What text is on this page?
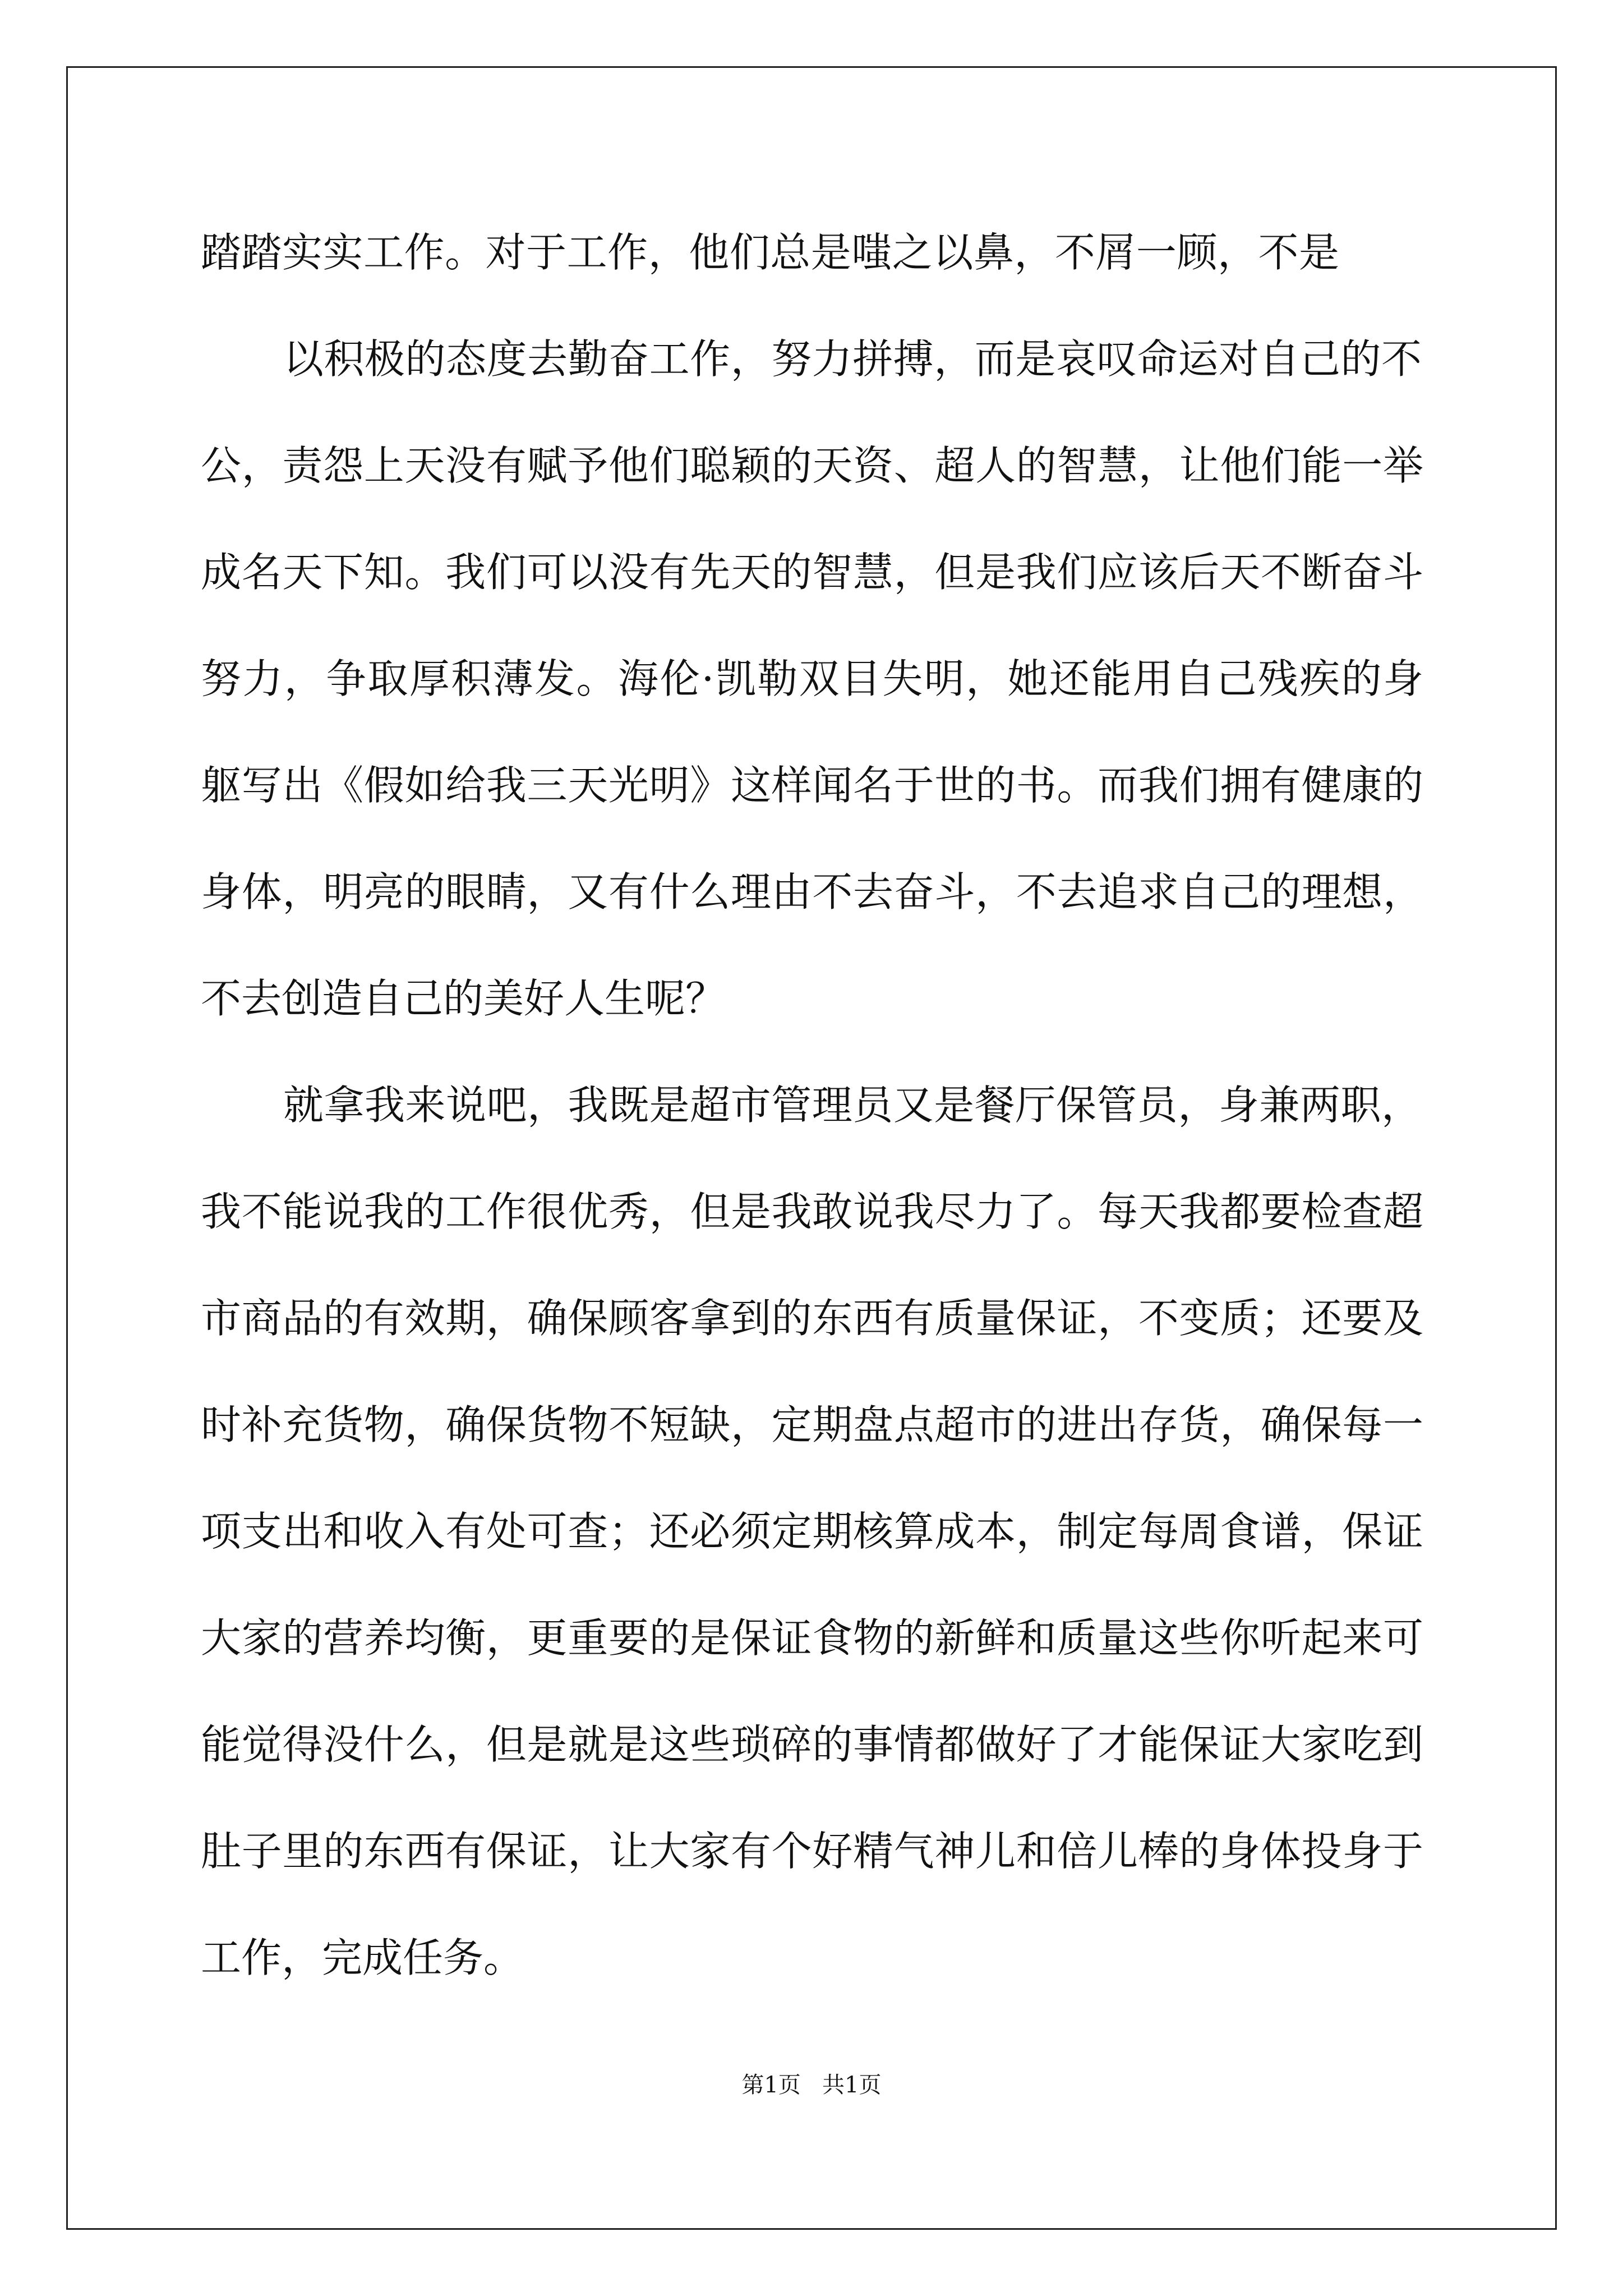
踏踏实实工作。对于工作，他们总是嗤之以鼻，不屑一顾，不是
以积极的态度去勤奋工作，努力拼搏，而是哀叹命运对自己的不
公，责怨上天没有赋予他们聪颖的天资、超人的智慧，让他们能一举
成名天下知。我们可以没有先天的智慧，但是我们应该后天不断奋斗
努力，争取厚积薄发。海伦·凯勒双目失明，她还能用自己残疾的身
躯写出《假如给我三天光明》这样闻名于世的书。而我们拥有健康的
身体，明亮的眼睛，又有什么理由不去奋斗，不去追求自己的理想，
不去创造自己的美好人生呢？
就拿我来说吧，我既是超市管理员又是餐厅保管员，身兼两职，
我不能说我的工作很优秀，但是我敢说我尽力了。每天我都要检查超
市商品的有效期，确保顾客拿到的东西有质量保证，不变质；还要及
时补充货物，确保货物不短缺，定期盘点超市的进出存货，确保每一
项支出和收入有处可查；还必须定期核算成本，制定每周食谱，保证
大家的营养均衡，更重要的是保证食物的新鲜和质量这些你听起来可
能觉得没什么，但是就是这些琐碎的事情都做好了才能保证大家吃到
肚子里的东西有保证，让大家有个好精气神儿和倍儿棒的身体投身于
工作，完成任务。
第1页   共1页
